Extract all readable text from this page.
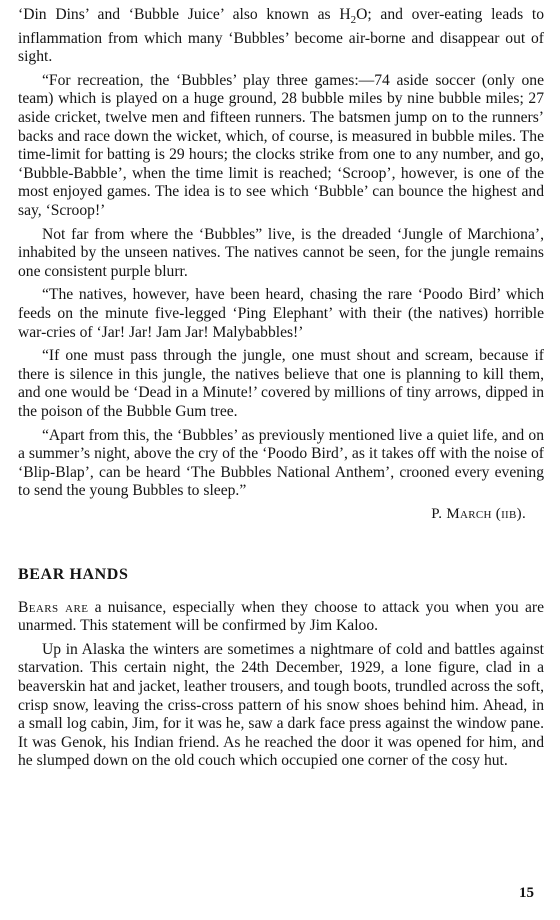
‘Din Dins’ and ‘Bubble Juice’ also known as $H_2O$; and over-eating leads to inflammation from which many ‘Bubbles’ become air-borne and disappear out of sight.

“For recreation, the ‘Bubbles’ play three games:—74 aside soccer (only one team) which is played on a huge ground, 28 bubble miles by nine bubble miles; 27 aside cricket, twelve men and fifteen runners. The batsmen jump on to the runners’ backs and race down the wicket, which, of course, is measured in bubble miles. The time-limit for batting is 29 hours; the clocks strike from one to any number, and go, ‘Bubble-Babble’, when the time limit is reached; ‘Scroop’, however, is one of the most enjoyed games. The idea is to see which ‘Bubble’ can bounce the highest and say, ‘Scroop!’

Not far from where the ‘Bubbles” live, is the dreaded ‘Jungle of Marchiona’, inhabited by the unseen natives. The natives cannot be seen, for the jungle remains one consistent purple blurr.

“The natives, however, have been heard, chasing the rare ‘Poodo Bird’ which feeds on the minute five-legged ‘Ping Elephant’ with their (the natives) horrible war-cries of ‘Jar! Jar! Jam Jar! Malybabbles!’

“If one must pass through the jungle, one must shout and scream, because if there is silence in this jungle, the natives believe that one is planning to kill them, and one would be ‘Dead in a Minute!’ covered by millions of tiny arrows, dipped in the poison of the Bubble Gum tree.

“Apart from this, the ‘Bubbles’ as previously mentioned live a quiet life, and on a summer’s night, above the cry of the ‘Poodo Bird’, as it takes off with the noise of ‘Blip-Blap’, can be heard ‘The Bubbles National Anthem’, crooned every evening to send the young Bubbles to sleep.”

P. March (iib).

BEAR HANDS

Bears are a nuisance, especially when they choose to attack you when you are unarmed. This statement will be confirmed by Jim Kaloo.

Up in Alaska the winters are sometimes a nightmare of cold and battles against starvation. This certain night, the 24th December, 1929, a lone figure, clad in a beaverskin hat and jacket, leather trousers, and tough boots, trundled across the soft, crisp snow, leaving the criss-cross pattern of his snow shoes behind him. Ahead, in a small log cabin, Jim, for it was he, saw a dark face press against the window pane. It was Genok, his Indian friend. As he reached the door it was opened for him, and he slumped down on the old couch which occupied one corner of the cosy hut.

15
